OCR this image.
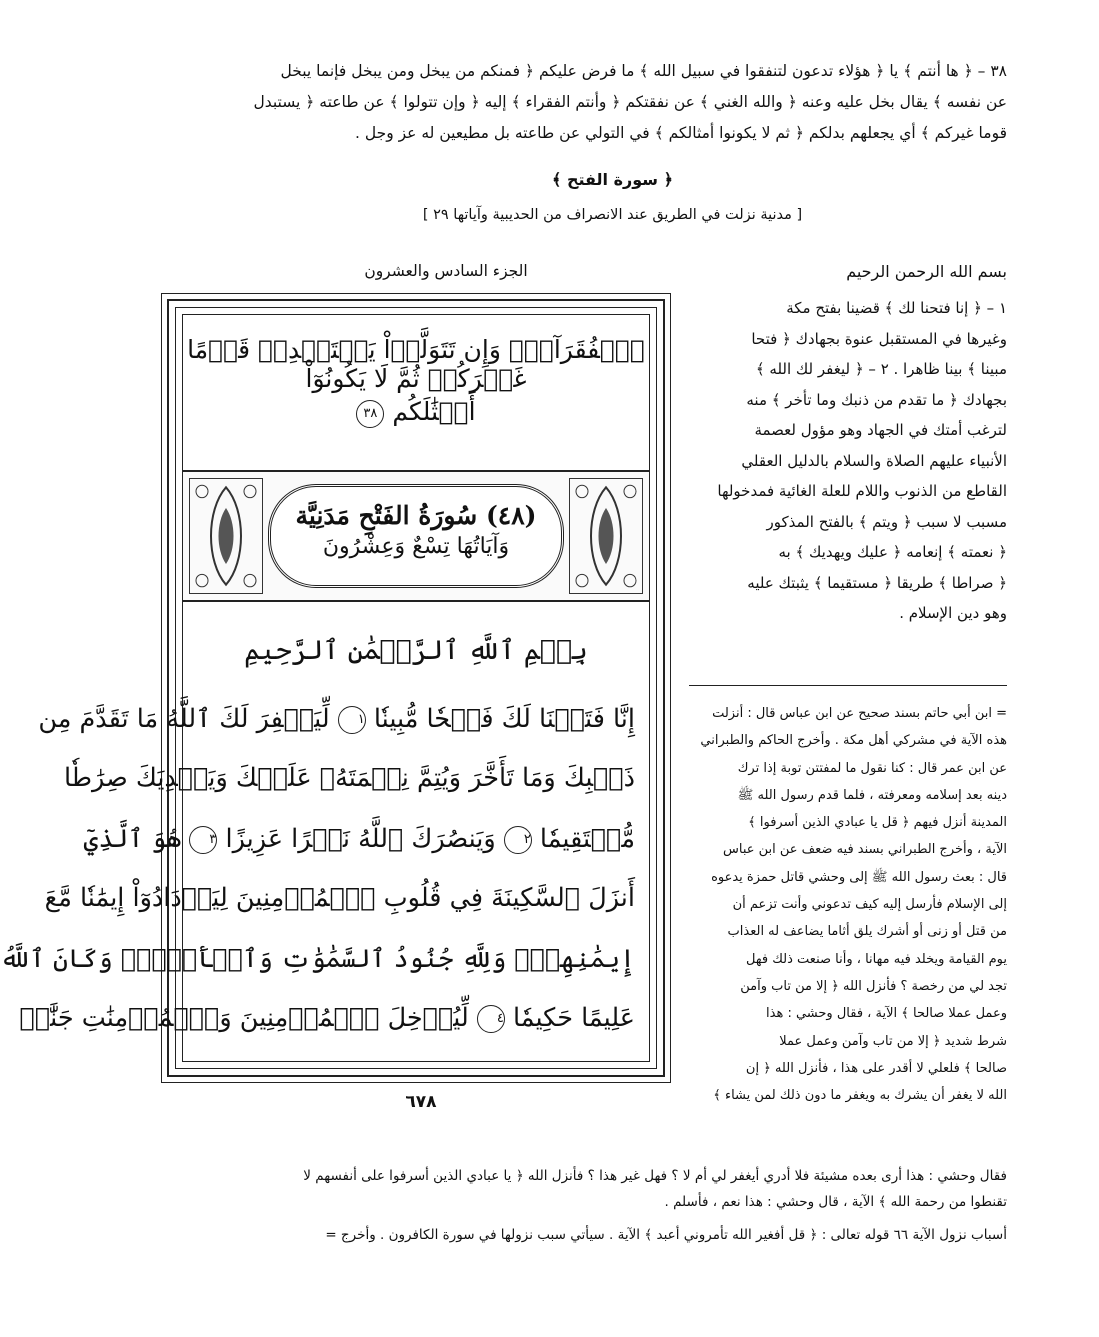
٣٨ – ﴿ ها أنتم ﴾ يا ﴿ هؤلاء تدعون لتنفقوا في سبيل الله ﴾ ما فرض عليكم ﴿ فمنكم من يبخل ومن يبخل فإنما يبخل

عن نفسه ﴾ يقال بخل عليه وعنه ﴿ والله الغني ﴾ عن نفقتكم ﴿ وأنتم الفقراء ﴾ إليه ﴿ وإن تتولوا ﴾ عن طاعته ﴿ يستبدل

قوما غيركم ﴾ أي يجعلهم بدلكم ﴿ ثم لا يكونوا أمثالكم ﴾ في التولي عن طاعته بل مطيعين له عز وجل .

﴿ سورة الفتح ﴾
[ مدنية نزلت في الطريق عند الانصراف من الحديبية وآياتها ٢٩ ]
الجزء السادس والعشرون	بسم الله الرحمن الرحيم
ٱلۡفُقَرَآءُۚ وَإِن تَتَوَلَّوۡاْ يَسۡتَبۡدِلۡ قَوۡمًا غَيۡرَكُمۡ ثُمَّ لَا يَكُونُوٓاْ
أَمۡثَٰلَكُم ٣٨
(٤٨) سُورَةُ الفَتْحِ مَدَنِيَّة
وَآيَاتُهَا تِسْعٌ وَعِشْرُونَ
بِسۡمِ ٱللَّهِ ٱلرَّحۡمَٰنِ ٱلرَّحِيمِ
إِنَّا فَتَحۡنَا لَكَ فَتۡحٗا مُّبِينٗا ١ لِّيَغۡفِرَ لَكَ ٱللَّهُ مَا تَقَدَّمَ مِن
ذَنۢبِكَ وَمَا تَأَخَّرَ وَيُتِمَّ نِعۡمَتَهُۥ عَلَيۡكَ وَيَهۡدِيَكَ صِرَٰطٗا
مُّسۡتَقِيمٗا ٢ وَيَنصُرَكَ ٱللَّهُ نَصۡرًا عَزِيزًا ٣ هُوَ ٱلَّذِيٓ
أَنزَلَ ٱلسَّكِينَةَ فِي قُلُوبِ ٱلۡمُؤۡمِنِينَ لِيَزۡدَادُوٓاْ إِيمَٰنٗا مَّعَ
إِيمَٰنِهِمۡۗ وَلِلَّهِ جُنُودُ ٱلسَّمَٰوَٰتِ وَٱلۡأَرۡضِۚ وَكَانَ ٱللَّهُ
عَلِيمًا حَكِيمٗا ٤ لِّيُدۡخِلَ ٱلۡمُؤۡمِنِينَ وَٱلۡمُؤۡمِنَٰتِ جَنَّٰتٖ
٦٧٨

١ – ﴿ إنا فتحنا لك ﴾ قضينا بفتح مكة

وغيرها في المستقبل عنوة بجهادك ﴿ فتحا

مبينا ﴾ بينا ظاهرا . ٢ – ﴿ ليغفر لك الله ﴾

بجهادك ﴿ ما تقدم من ذنبك وما تأخر ﴾ منه

لترغب أمتك في الجهاد وهو مؤول لعصمة

الأنبياء عليهم الصلاة والسلام بالدليل العقلي

القاطع من الذنوب واللام للعلة الغائية فمدخولها

مسبب لا سبب ﴿ ويتم ﴾ بالفتح المذكور

﴿ نعمته ﴾ إنعامه ﴿ عليك ويهديك ﴾ به

﴿ صراطا ﴾ طريقا ﴿ مستقيما ﴾ يثبتك عليه

وهو دين الإسلام .

= ابن أبي حاتم بسند صحيح عن ابن عباس قال : أنزلت

هذه الآية في مشركي أهل مكة . وأخرج الحاكم والطبراني

عن ابن عمر قال : كنا نقول ما لمفتتن توبة إذا ترك

دينه بعد إسلامه ومعرفته ، فلما قدم رسول الله ﷺ

المدينة أنزل فيهم ﴿ قل يا عبادي الذين أسرفوا ﴾

الآية ، وأخرج الطبراني بسند فيه ضعف عن ابن عباس

قال : بعث رسول الله ﷺ إلى وحشي قاتل حمزة يدعوه

إلى الإسلام فأرسل إليه كيف تدعوني وأنت تزعم أن

من قتل أو زنى أو أشرك يلق أثاما يضاعف له العذاب

يوم القيامة ويخلد فيه مهانا ، وأنا صنعت ذلك فهل

تجد لي من رخصة ؟ فأنزل الله ﴿ إلا من تاب وآمن

وعمل عملا صالحا ﴾ الآية ، فقال وحشي : هذا

شرط شديد ﴿ إلا من تاب وآمن وعمل عملا

صالحا ﴾ فلعلي لا أقدر على هذا ، فأنزل الله ﴿ إن

الله لا يغفر أن يشرك به ويغفر ما دون ذلك لمن يشاء ﴾

فقال وحشي : هذا أرى بعده مشيئة فلا أدري أيغفر لي أم لا ؟ فهل غير هذا ؟ فأنزل الله ﴿ يا عبادي الذين أسرفوا على أنفسهم لا

تقنطوا من رحمة الله ﴾ الآية ، قال وحشي : هذا نعم ، فأسلم .

أسباب نزول الآية ٦٦ قوله تعالى : ﴿ قل أفغير الله تأمروني أعبد ﴾ الآية . سيأتي سبب نزولها في سورة الكافرون . وأخرج =
